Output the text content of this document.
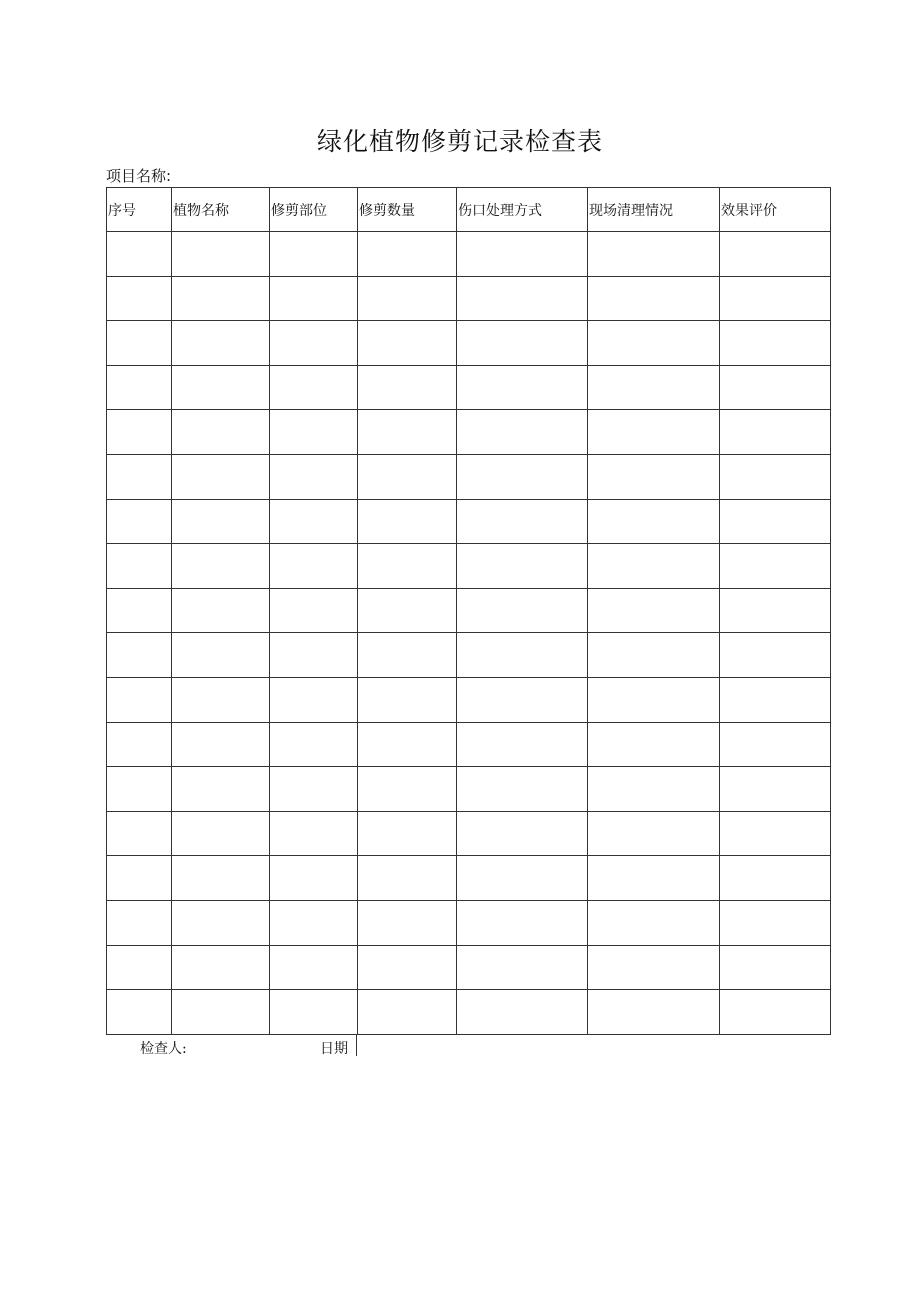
绿化植物修剪记录检查表
项目名称:
序号	植物名称	修剪部位	修剪数量	伤口处理方式	现场清理情况	效果评价

检查人:	日期
